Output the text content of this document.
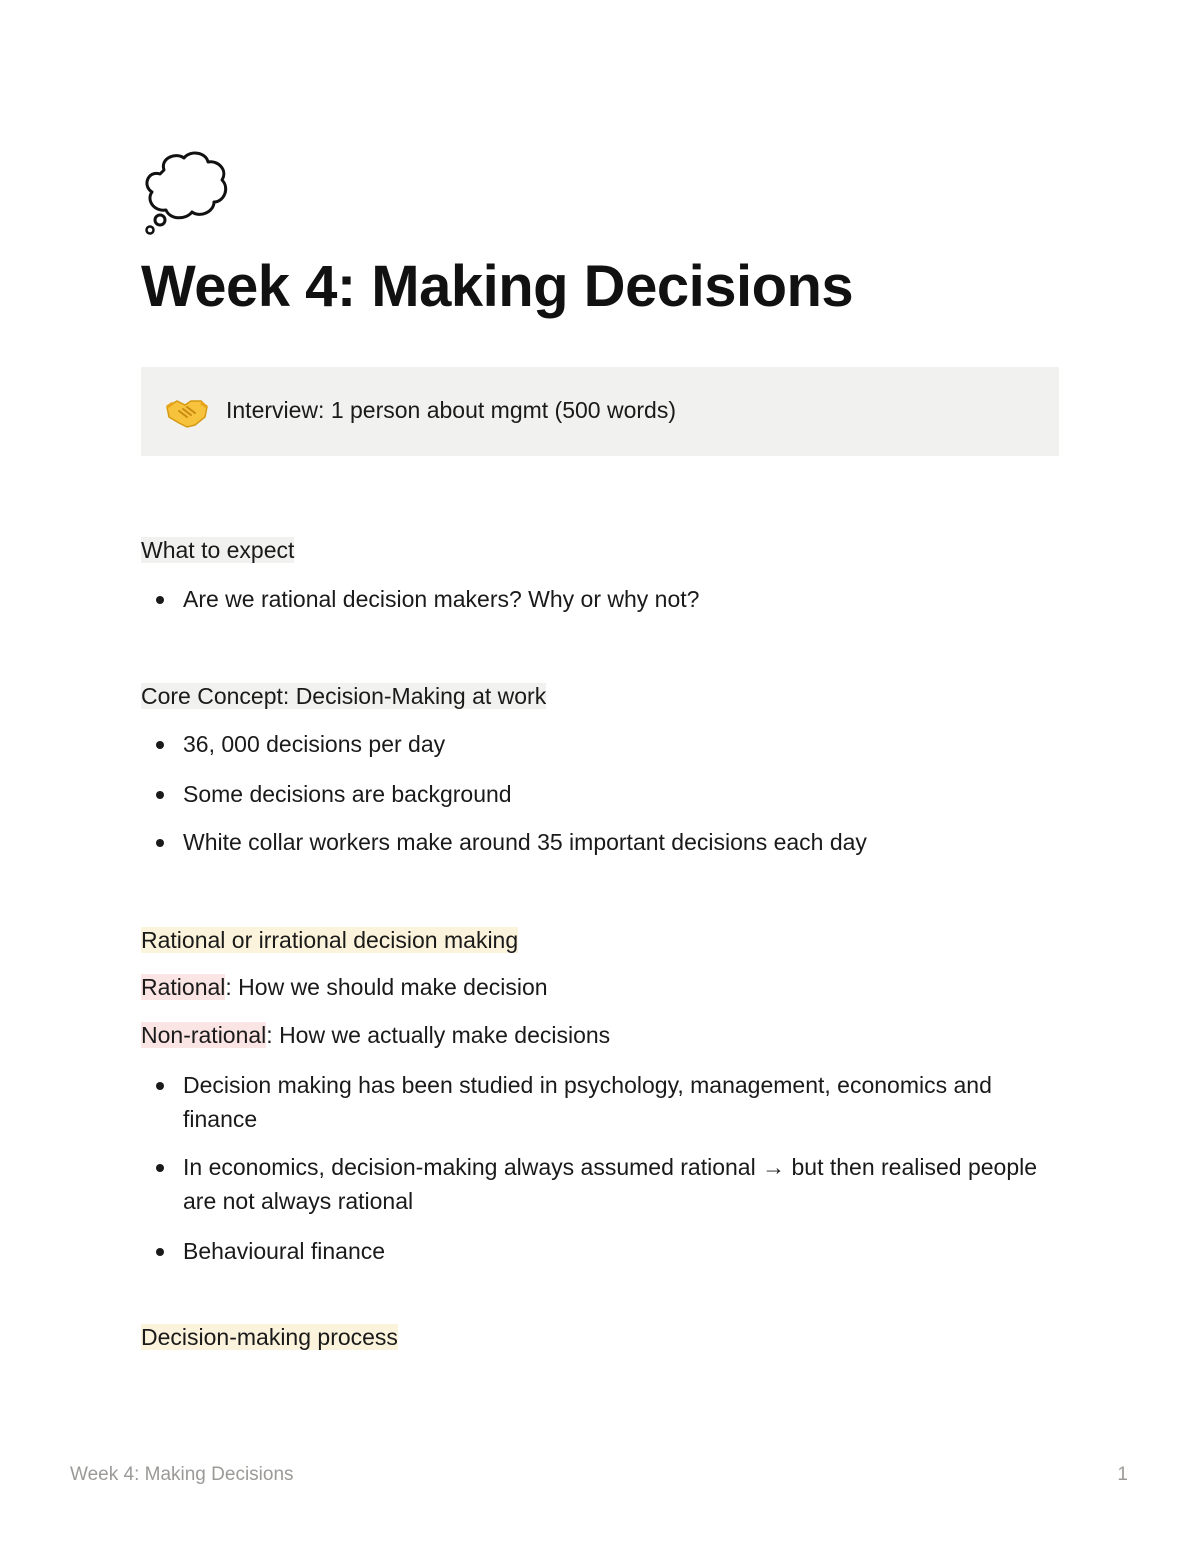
Week 4: Making Decisions
Interview: 1 person about mgmt (500 words)
What to expect
Are we rational decision makers? Why or why not?
Core Concept: Decision-Making at work
36, 000 decisions per day
Some decisions are background
White collar workers make around 35 important decisions each day
Rational or irrational decision making
Rational: How we should make decision
Non-rational: How we actually make decisions
Decision making has been studied in psychology, management, economics and finance
In economics, decision-making always assumed rational → but then realised people are not always rational
Behavioural finance
Decision-making process
Week 4: Making Decisions	1
